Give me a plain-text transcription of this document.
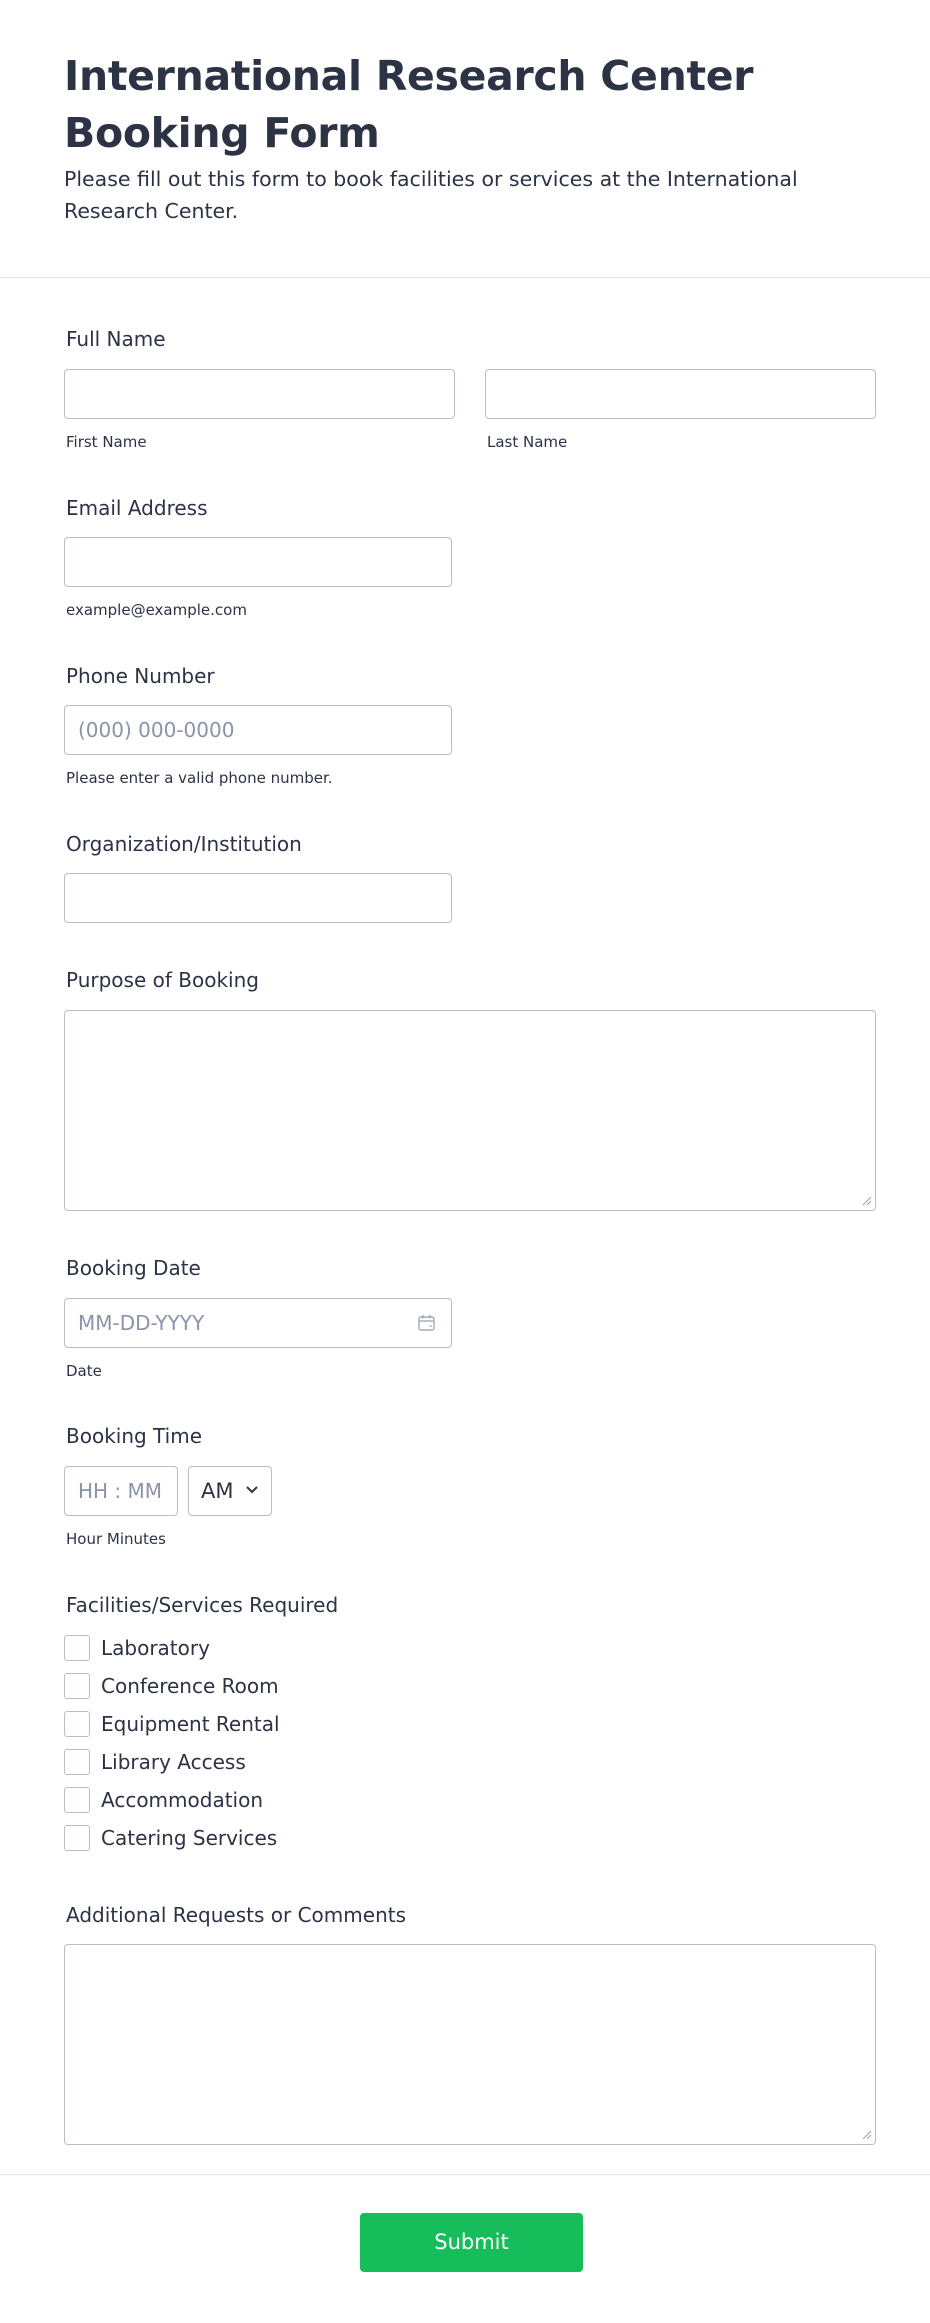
International Research Center Booking Form

Please fill out this form to book facilities or services at the International Research Center.

Full Name
First Name	Last Name
Email Address
example@example.com
Phone Number
(000) 000-0000
Please enter a valid phone number.
Organization/Institution
Purpose of Booking
Booking Date
MM-DD-YYYY
Date
Booking Time
HH : MM AM
Hour Minutes
Facilities/Services Required
Laboratory
Conference Room
Equipment Rental
Library Access
Accommodation
Catering Services
Additional Requests or Comments
Submit
